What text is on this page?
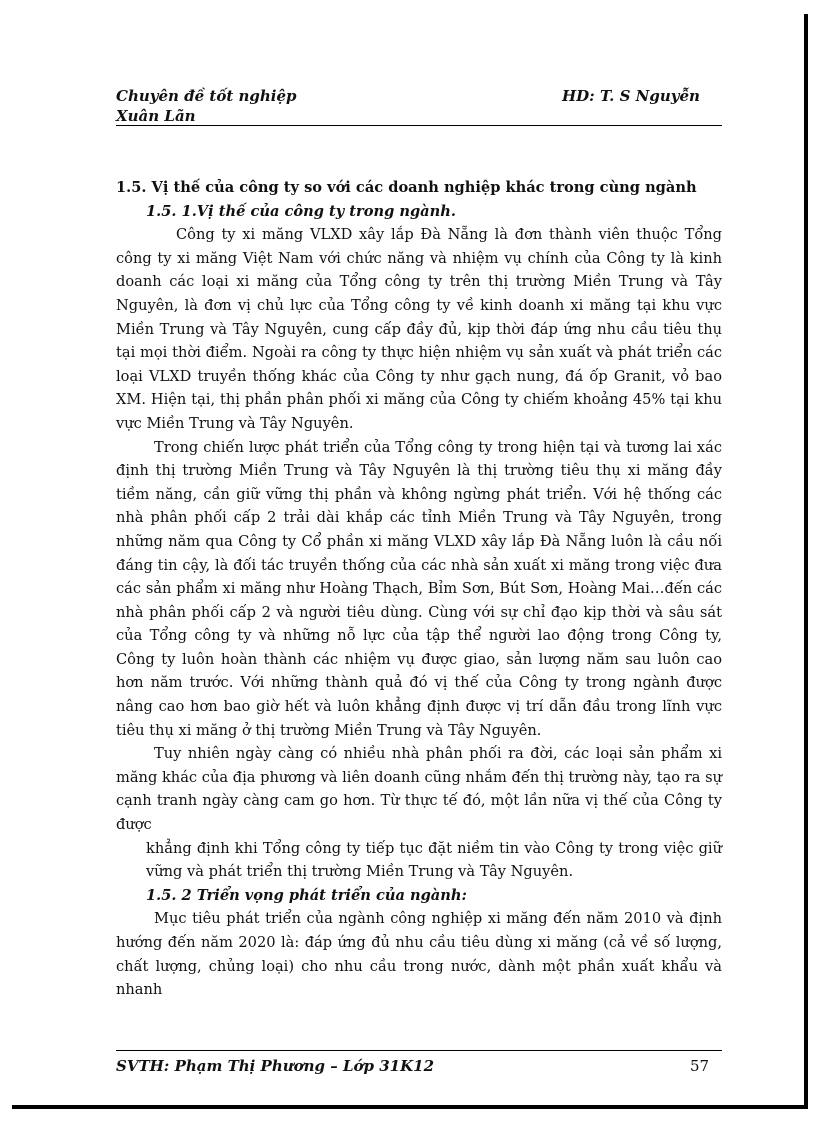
Chuyên đề tốt nghiệp
Xuân Lãn
HD: T. S Nguyễn

1.5. Vị thế của công ty so với các doanh nghiệp khác trong cùng ngành

1.5. 1.Vị thế của công ty trong ngành.

Công ty xi măng VLXD xây lắp Đà Nẵng là đơn thành viên thuộc Tổng công ty xi măng Việt Nam với chức năng và nhiệm vụ chính của Công ty là kinh doanh các loại xi măng của Tổng công ty trên thị trường Miền Trung và Tây Nguyên, là đơn vị chủ lực của Tổng công ty về kinh doanh xi măng tại khu vực Miền Trung và Tây Nguyên, cung cấp đầy đủ, kịp thời đáp ứng nhu cầu tiêu thụ tại mọi thời điểm. Ngoài ra công ty thực hiện nhiệm vụ sản xuất và phát triển các loại VLXD truyền thống khác của Công ty như gạch nung, đá ốp Granit, vỏ bao XM. Hiện tại, thị phần phân phối xi măng của Công ty chiếm khoảng 45% tại khu vực Miền Trung và Tây Nguyên.

Trong chiến lược phát triển của Tổng công ty trong hiện tại và tương lai xác định thị trường Miền Trung và Tây Nguyên là thị trường tiêu thụ xi măng đầy tiềm năng, cần giữ vững thị phần và không ngừng phát triển. Với hệ thống các nhà phân phối cấp 2 trải dài khắp các tỉnh Miền Trung và Tây Nguyên, trong những năm qua Công ty Cổ phần xi măng VLXD xây lắp Đà Nẵng luôn là cầu nối đáng tin cậy, là đối tác truyền thống của các nhà sản xuất xi măng trong việc đưa các sản phẩm xi măng như Hoàng Thạch, Bỉm Sơn, Bút Sơn, Hoàng Mai…đến các nhà phân phối cấp 2 và người tiêu dùng. Cùng với sự chỉ đạo kịp thời và sâu sát của Tổng công ty và những nỗ lực của tập thể người lao động trong Công ty, Công ty luôn hoàn thành các nhiệm vụ được giao, sản lượng năm sau luôn cao hơn năm trước. Với những thành quả đó vị thế của Công ty trong ngành được nâng cao hơn bao giờ hết và luôn khẳng định được vị trí dẫn đầu trong lĩnh vực tiêu thụ xi măng ở thị trường Miền Trung và Tây Nguyên.

Tuy nhiên ngày càng có nhiều nhà phân phối ra đời, các loại sản phẩm xi măng khác của địa phương và liên doanh cũng nhắm đến thị trường này, tạo ra sự cạnh tranh ngày càng cam go hơn. Từ thực tế đó, một lần nữa vị thế của Công ty được

khẳng định khi Tổng công ty tiếp tục đặt niềm tin vào Công ty trong việc giữ vững và phát triển thị trường Miền Trung và Tây Nguyên.

1.5. 2 Triển vọng phát triển của ngành:

Mục tiêu phát triển của ngành công nghiệp xi măng đến năm 2010 và định hướng đến năm 2020 là: đáp ứng đủ nhu cầu tiêu dùng xi măng (cả về số lượng, chất lượng, chủng loại) cho nhu cầu trong nước, dành một phần xuất khẩu và nhanh

SVTH: Phạm Thị Phương – Lớp 31K12	57
